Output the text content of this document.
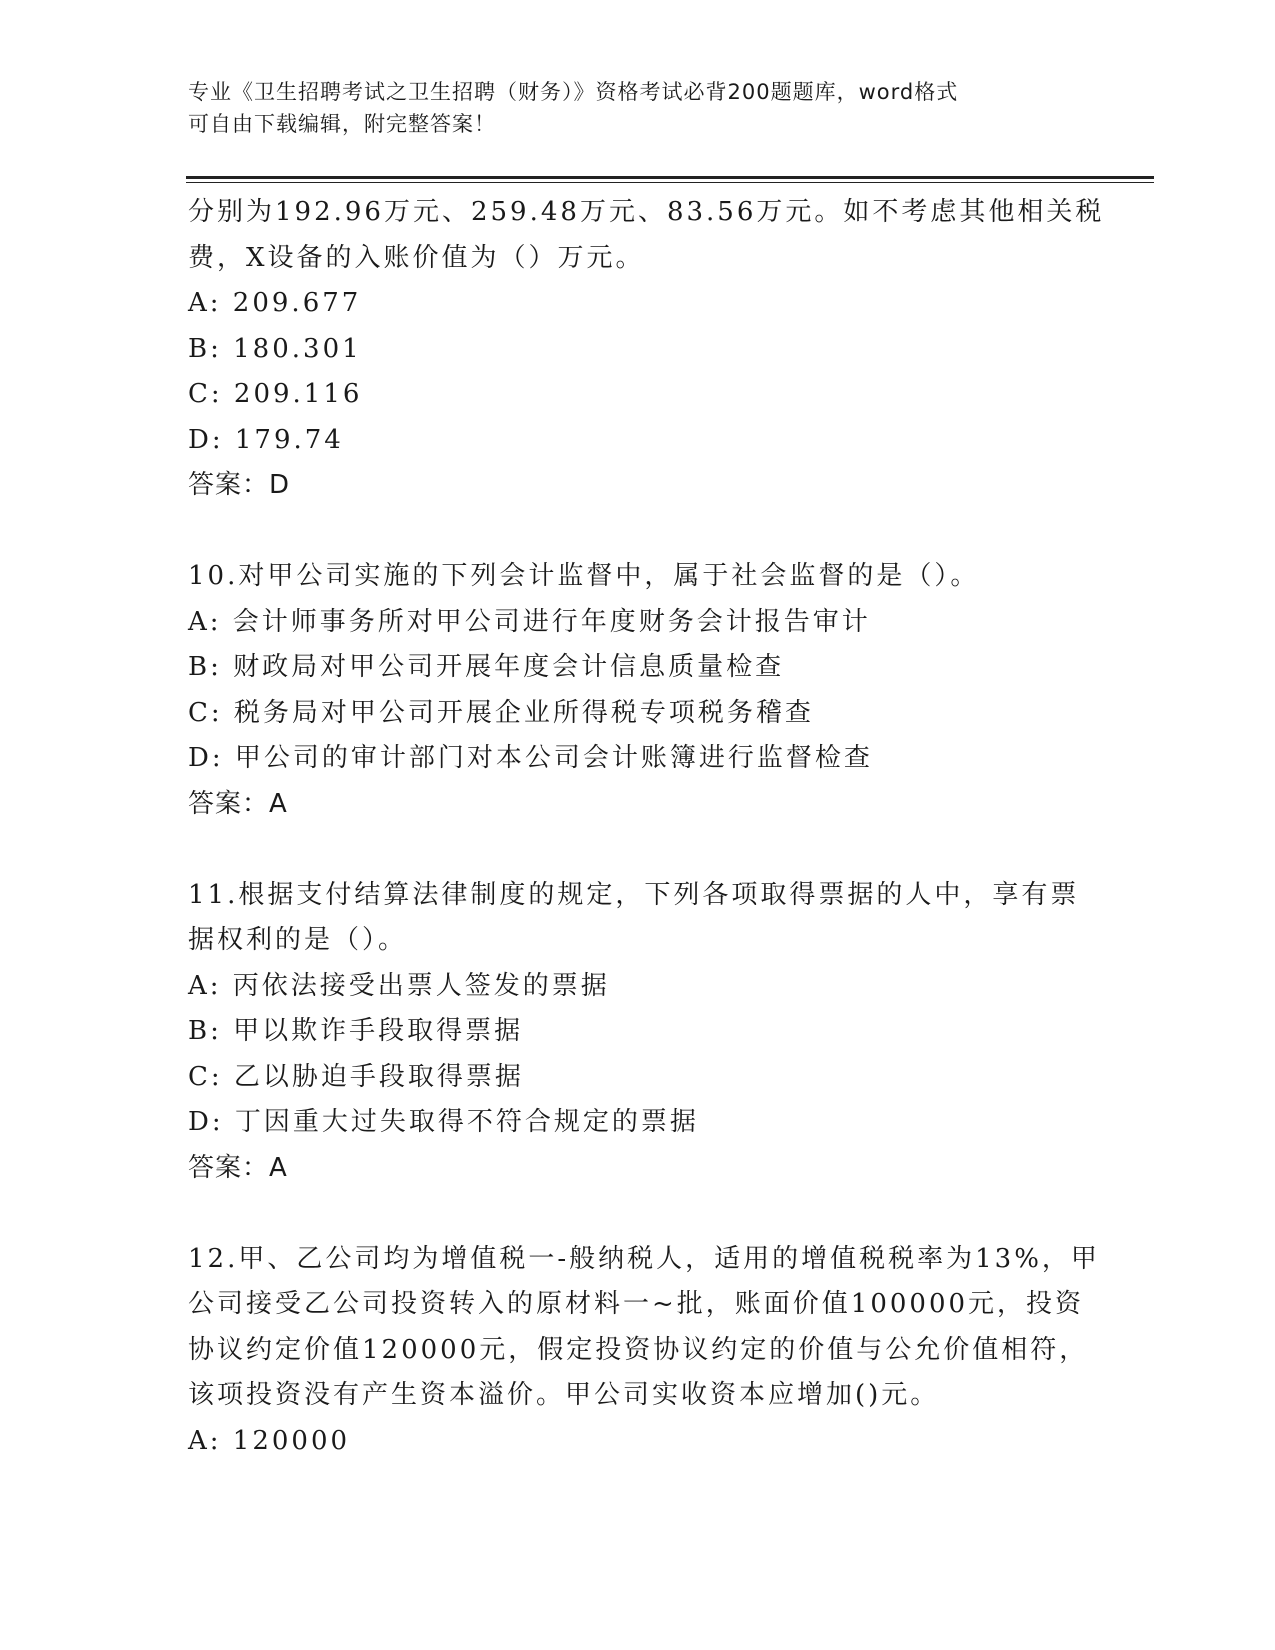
专业《卫生招聘考试之卫生招聘（财务）》资格考试必背200题题库，word格式
可自由下载编辑，附完整答案！
分别为192.96万元、259.48万元、83.56万元。如不考虑其他相关税
费，X设备的入账价值为（）万元。
A: 209.677
B: 180.301
C: 209.116
D: 179.74
答案：D
10.对甲公司实施的下列会计监督中，属于社会监督的是（）。
A: 会计师事务所对甲公司进行年度财务会计报告审计
B: 财政局对甲公司开展年度会计信息质量检查
C: 税务局对甲公司开展企业所得税专项税务稽查
D: 甲公司的审计部门对本公司会计账簿进行监督检查
答案：A
11.根据支付结算法律制度的规定，下列各项取得票据的人中，享有票
据权利的是（）。
A: 丙依法接受出票人签发的票据
B: 甲以欺诈手段取得票据
C: 乙以胁迫手段取得票据
D: 丁因重大过失取得不符合规定的票据
答案：A
12.甲、乙公司均为增值税一-般纳税人，适用的增值税税率为13%，甲
公司接受乙公司投资转入的原材料一~批，账面价值100000元，投资
协议约定价值120000元，假定投资协议约定的价值与公允价值相符，
该项投资没有产生资本溢价。甲公司实收资本应增加()元。
A: 120000
